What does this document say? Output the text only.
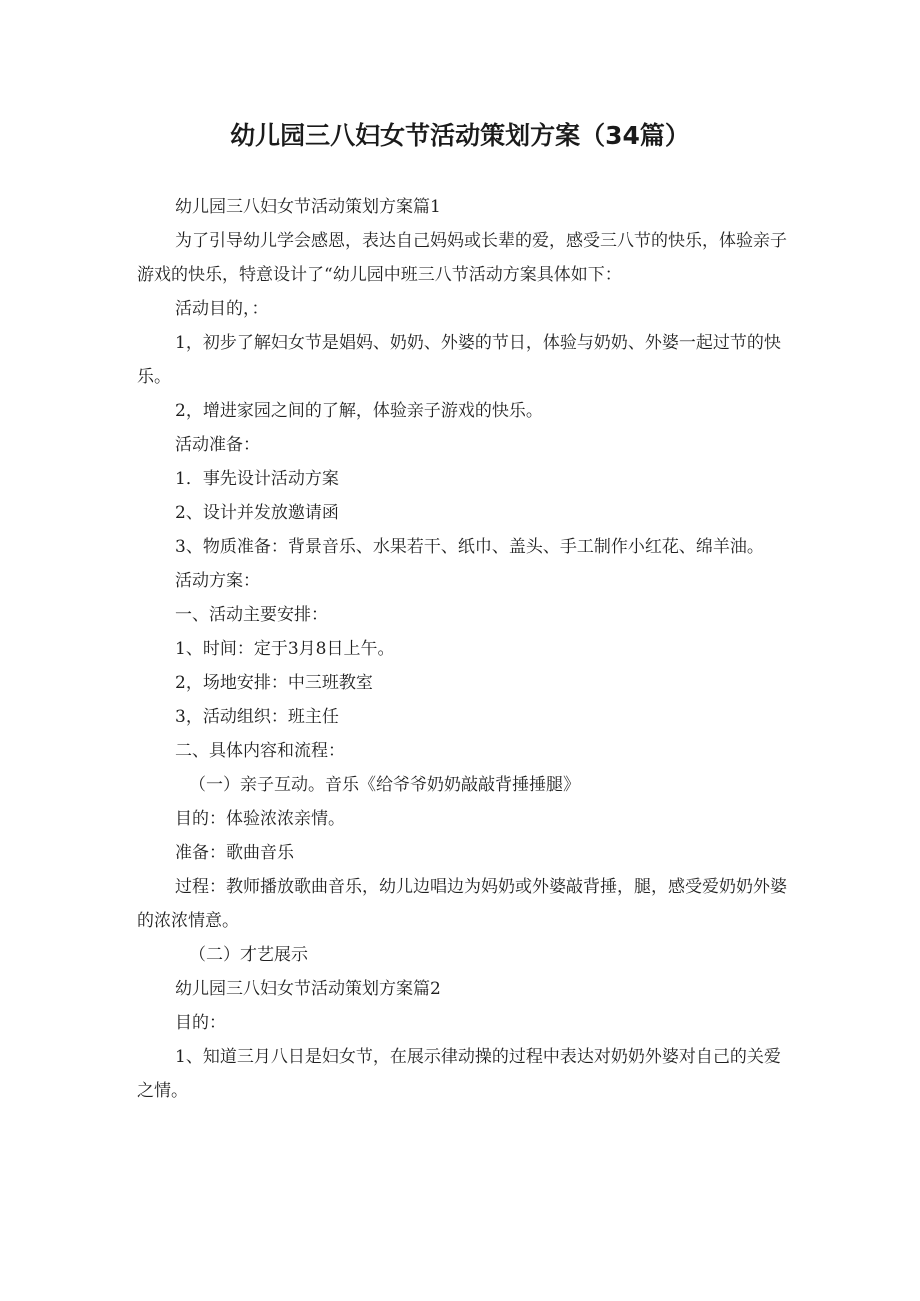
幼儿园三八妇女节活动策划方案（34篇）

幼儿园三八妇女节活动策划方案篇1

为了引导幼儿学会感恩，表达自己妈妈或长辈的爱，感受三八节的快乐，体验亲子游戏的快乐，特意设计了“幼儿园中班三八节活动方案具体如下：

活动目的，：

1，初步了解妇女节是娼妈、奶奶、外婆的节日，体验与奶奶、外婆一起过节的快乐。

2，增进家园之间的了解，体验亲子游戏的快乐。

活动准备：

1．事先设计活动方案

2、设计并发放邀请函

3、物质准备：背景音乐、水果若干、纸巾、盖头、手工制作小红花、绵羊油。

活动方案：

一、活动主要安排：

1、时间：定于3月8日上午。

2，场地安排：中三班教室

3，活动组织：班主任

二、具体内容和流程：

（一）亲子互动。音乐《给爷爷奶奶敲敲背捶捶腿》

目的：体验浓浓亲情。

准备：歌曲音乐

过程：教师播放歌曲音乐，幼儿边唱边为妈奶或外婆敲背捶，腿，感受爱奶奶外婆的浓浓情意。

（二）才艺展示

幼儿园三八妇女节活动策划方案篇2

目的：

1、知道三月八日是妇女节，在展示律动操的过程中表达对奶奶外婆对自己的关爱之情。
